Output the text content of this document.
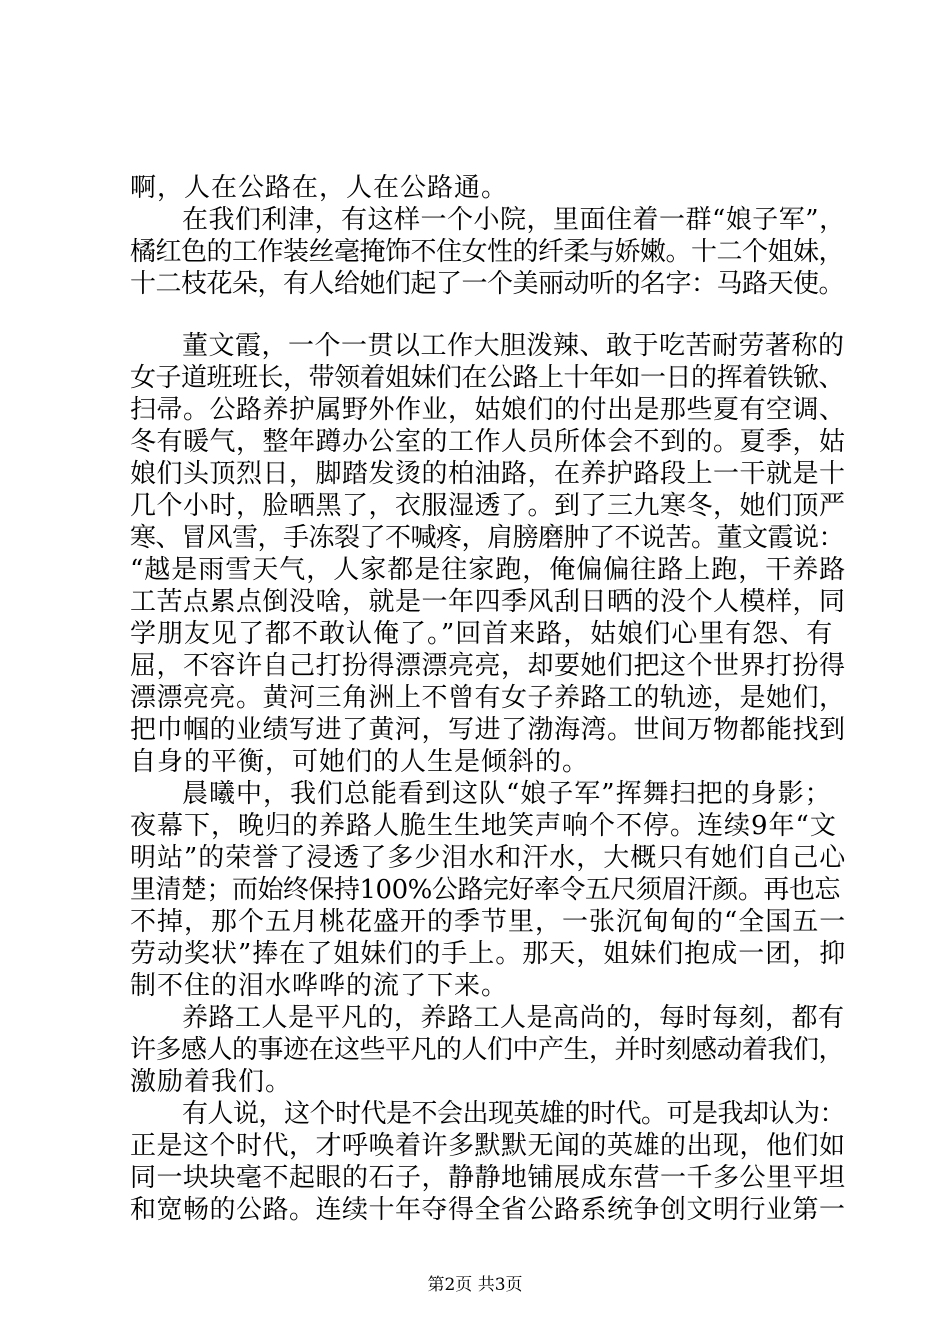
啊，人在公路在，人在公路通。
在我们利津，有这样一个小院，里面住着一群“娘子军”，
橘红色的工作装丝毫掩饰不住女性的纤柔与娇嫩。十二个姐妹，
十二枝花朵，有人给她们起了一个美丽动听的名字：马路天使。
董文霞，一个一贯以工作大胆泼辣、敢于吃苦耐劳著称的
女子道班班长，带领着姐妹们在公路上十年如一日的挥着铁锨、
扫帚。公路养护属野外作业，姑娘们的付出是那些夏有空调、
冬有暖气，整年蹲办公室的工作人员所体会不到的。夏季，姑
娘们头顶烈日，脚踏发烫的柏油路，在养护路段上一干就是十
几个小时，脸晒黑了，衣服湿透了。到了三九寒冬，她们顶严
寒、冒风雪，手冻裂了不喊疼，肩膀磨肿了不说苦。董文霞说：
“越是雨雪天气，人家都是往家跑，俺偏偏往路上跑，干养路
工苦点累点倒没啥，就是一年四季风刮日晒的没个人模样，同
学朋友见了都不敢认俺了。”回首来路，姑娘们心里有怨、有
屈，不容许自己打扮得漂漂亮亮，却要她们把这个世界打扮得
漂漂亮亮。黄河三角洲上不曾有女子养路工的轨迹，是她们，
把巾帼的业绩写进了黄河，写进了渤海湾。世间万物都能找到
自身的平衡，可她们的人生是倾斜的。
晨曦中，我们总能看到这队“娘子军”挥舞扫把的身影；
夜幕下，晚归的养路人脆生生地笑声响个不停。连续9年“文
明站”的荣誉了浸透了多少泪水和汗水，大概只有她们自己心
里清楚；而始终保持100%公路完好率令五尺须眉汗颜。再也忘
不掉，那个五月桃花盛开的季节里，一张沉甸甸的“全国五一
劳动奖状”捧在了姐妹们的手上。那天，姐妹们抱成一团，抑
制不住的泪水哗哗的流了下来。
养路工人是平凡的，养路工人是高尚的，每时每刻，都有
许多感人的事迹在这些平凡的人们中产生，并时刻感动着我们，
激励着我们。
有人说，这个时代是不会出现英雄的时代。可是我却认为：
正是这个时代，才呼唤着许多默默无闻的英雄的出现，他们如
同一块块毫不起眼的石子，静静地铺展成东营一千多公里平坦
和宽畅的公路。连续十年夺得全省公路系统争创文明行业第一
第2页 共3页
